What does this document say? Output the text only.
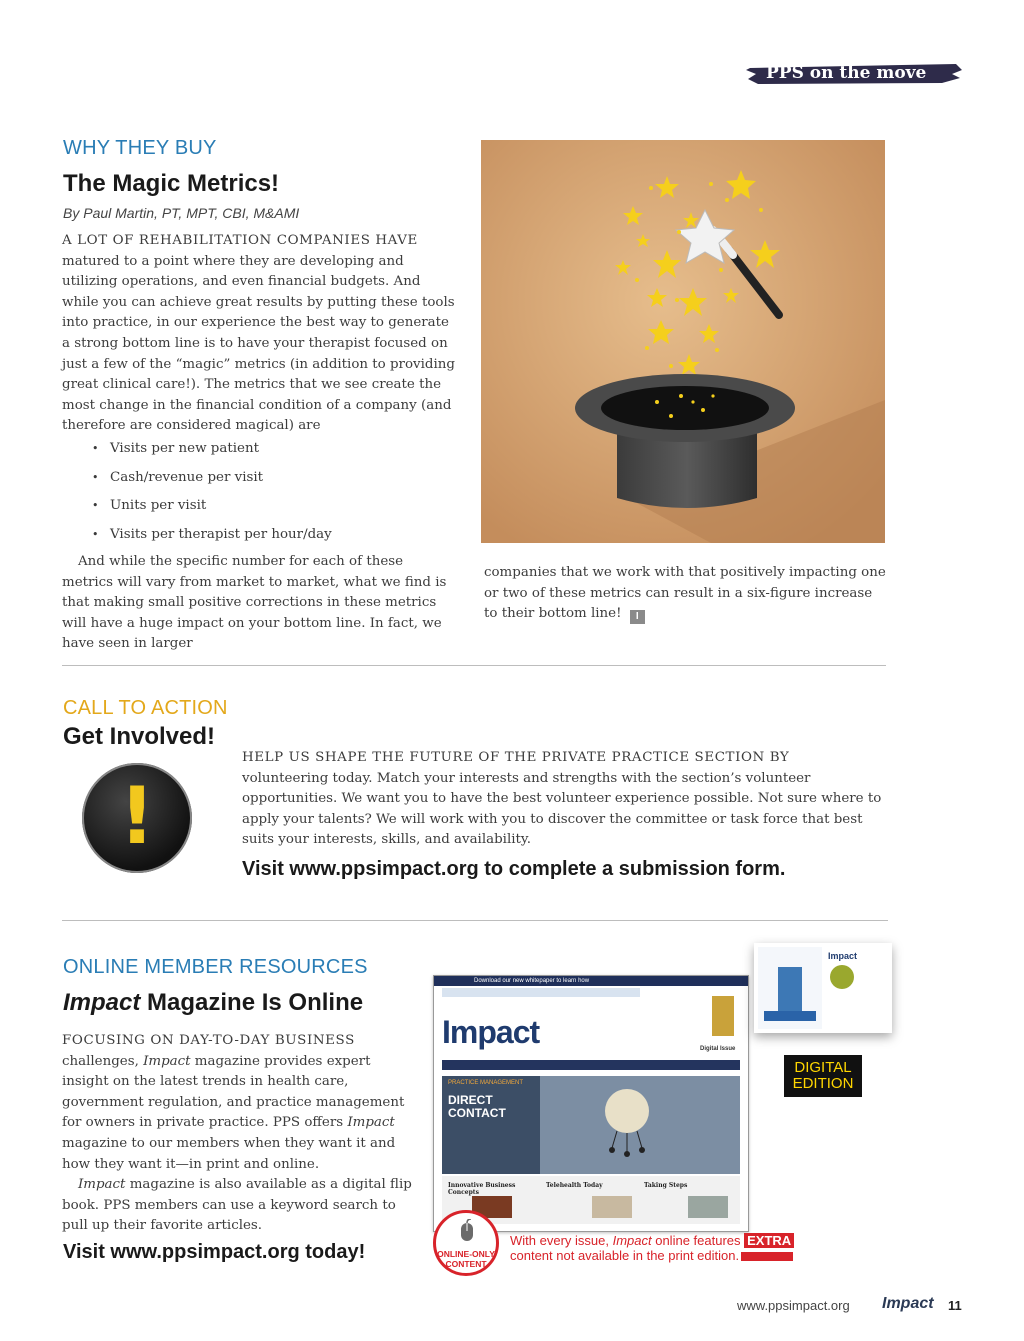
PPS on the move
WHY THEY BUY
The Magic Metrics!
By Paul Martin, PT, MPT, CBI, M&AMI

A LOT OF REHABILITATION COMPANIES HAVE
matured to a point where they are developing and utilizing operations, and even financial budgets. And while you can achieve great results by putting these tools into practice, in our experience the best way to generate a strong bottom line is to have your therapist focused on just a few of the “magic” metrics (in addition to providing great clinical care!). The metrics that we see create the most change in the financial condition of a company (and therefore are considered magical) are

• Visits per new patient
• Cash/revenue per visit
• Units per visit
• Visits per therapist per hour/day

And while the specific number for each of these metrics will vary from market to market, what we find is that making small positive corrections in these metrics will have a huge impact on your bottom line. In fact, we have seen in larger

companies that we work with that positively impacting one or two of these metrics can result in a six-figure increase to their bottom line! I

CALL TO ACTION
Get Involved!
!

HELP US SHAPE THE FUTURE OF THE PRIVATE PRACTICE SECTION BY
volunteering today. Match your interests and strengths with the section’s volunteer opportunities. We want you to have the best volunteer experience possible. Not sure where to apply your talents? We will work with you to discover the committee or task force that best suits your interests, skills, and availability.

Visit www.ppsimpact.org to complete a submission form.
ONLINE MEMBER RESOURCES
Impact Magazine Is Online

FOCUSING ON DAY-TO-DAY BUSINESS
challenges, Impact magazine provides expert insight on the latest trends in health care, government regulation, and practice management for owners in private practice. PPS offers Impact magazine to our members when they want it and how they want it—in print and online.

Impact magazine is also available as a digital flip book. PPS members can use a keyword search to pull up their favorite articles.

Visit www.ppsimpact.org today!
Download our new whitepaper to learn how
Impact	Digital Issue
PRACTICE MANAGEMENT
DIRECT CONTACT
Innovative Business Concepts
Telehealth Today	Taking Steps
Impact
DIGITAL
EDITION
ONLINE-ONLY
CONTENT
With every issue, Impact online features EXTRA
content not available in the print edition.
www.ppsimpact.org Impact 11
